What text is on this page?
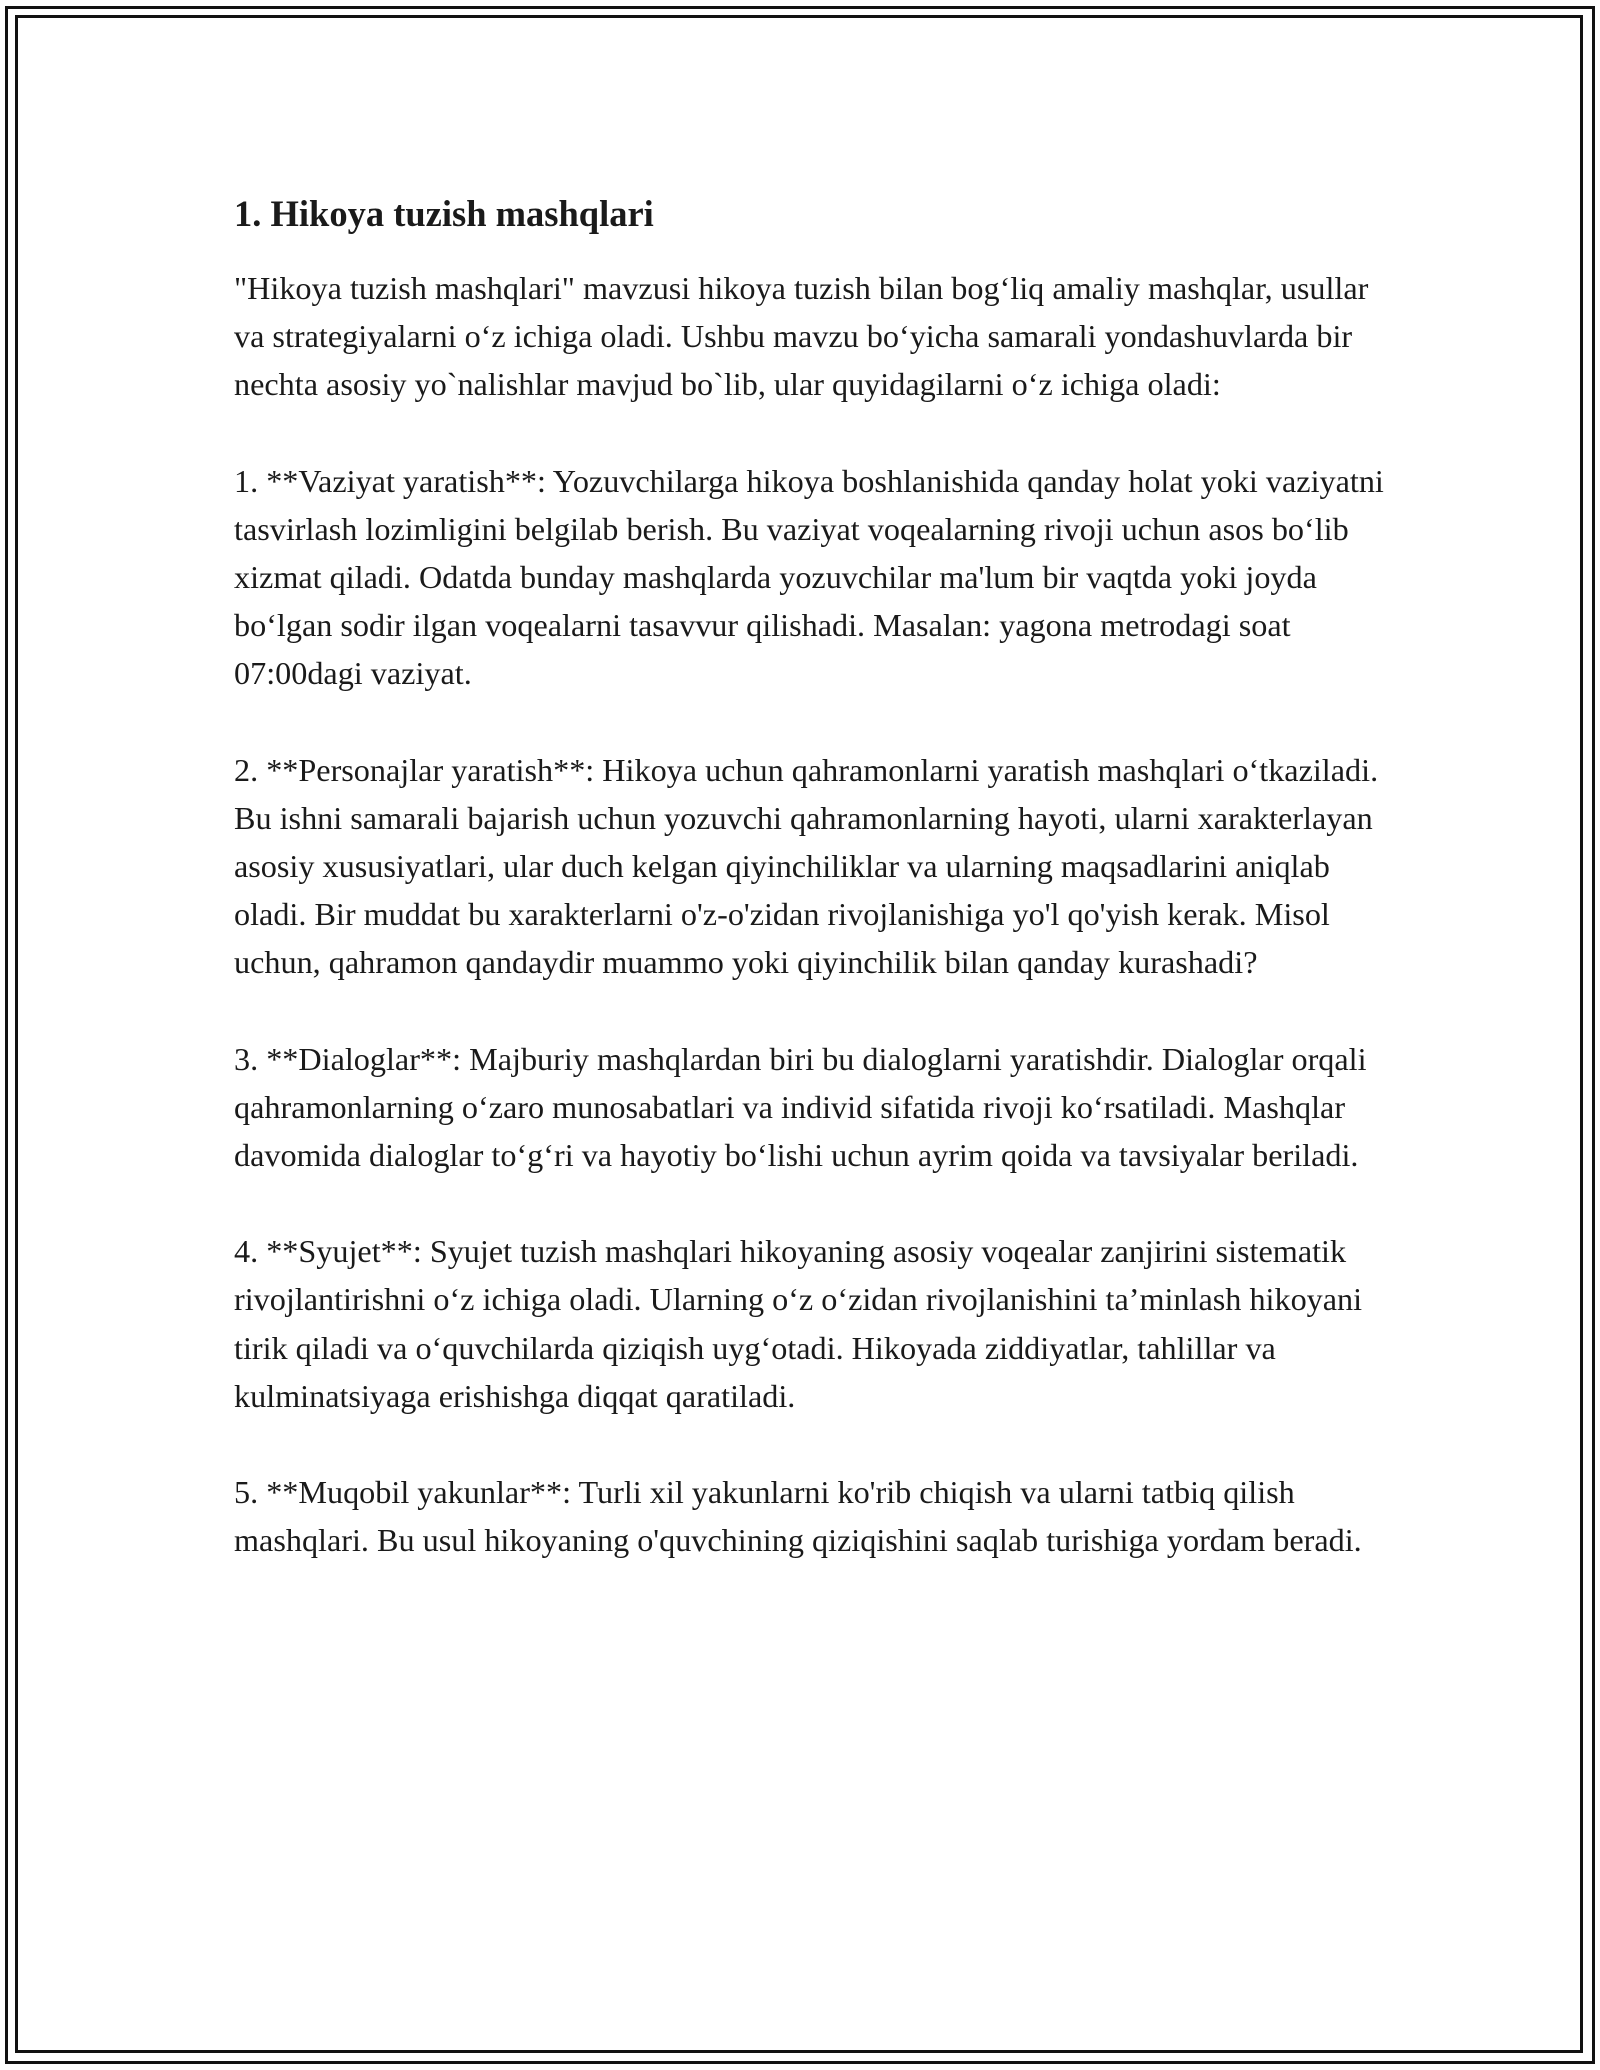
1. Hikoya tuzish mashqlari

"Hikoya tuzish mashqlari" mavzusi hikoya tuzish bilan bog‘liq amaliy mashqlar, usullar va strategiyalarni o‘z ichiga oladi. Ushbu mavzu bo‘yicha samarali yondashuvlarda bir nechta asosiy yo`nalishlar mavjud bo`lib, ular quyidagilarni o‘z ichiga oladi:

1. **Vaziyat yaratish**: Yozuvchilarga hikoya boshlanishida qanday holat yoki vaziyatni tasvirlash lozimligini belgilab berish. Bu vaziyat voqealarning rivoji uchun asos bo‘lib xizmat qiladi. Odatda bunday mashqlarda yozuvchilar ma'lum bir vaqtda yoki joyda bo‘lgan sodir ilgan voqealarni tasavvur qilishadi. Masalan: yagona metrodagi soat 07:00dagi vaziyat.

2. **Personajlar yaratish**: Hikoya uchun qahramonlarni yaratish mashqlari o‘tkaziladi. Bu ishni samarali bajarish uchun yozuvchi qahramonlarning hayoti, ularni xarakterlayan asosiy xususiyatlari, ular duch kelgan qiyinchiliklar va ularning maqsadlarini aniqlab oladi. Bir muddat bu xarakterlarni o'z-o'zidan rivojlanishiga yo'l qo'yish kerak. Misol uchun, qahramon qandaydir muammo yoki qiyinchilik bilan qanday kurashadi?

3. **Dialoglar**: Majburiy mashqlardan biri bu dialoglarni yaratishdir. Dialoglar orqali qahramonlarning o‘zaro munosabatlari va individ sifatida rivoji ko‘rsatiladi. Mashqlar davomida dialoglar to‘g‘ri va hayotiy bo‘lishi uchun ayrim qoida va tavsiyalar beriladi.

4. **Syujet**: Syujet tuzish mashqlari hikoyaning asosiy voqealar zanjirini sistematik rivojlantirishni o‘z ichiga oladi. Ularning o‘z o‘zidan rivojlanishini ta’minlash hikoyani tirik qiladi va o‘quvchilarda qiziqish uyg‘otadi. Hikoyada ziddiyatlar, tahlillar va kulminatsiyaga erishishga diqqat qaratiladi.

5. **Muqobil yakunlar**: Turli xil yakunlarni ko'rib chiqish va ularni tatbiq qilish mashqlari. Bu usul hikoyaning o'quvchining qiziqishini saqlab turishiga yordam beradi.
